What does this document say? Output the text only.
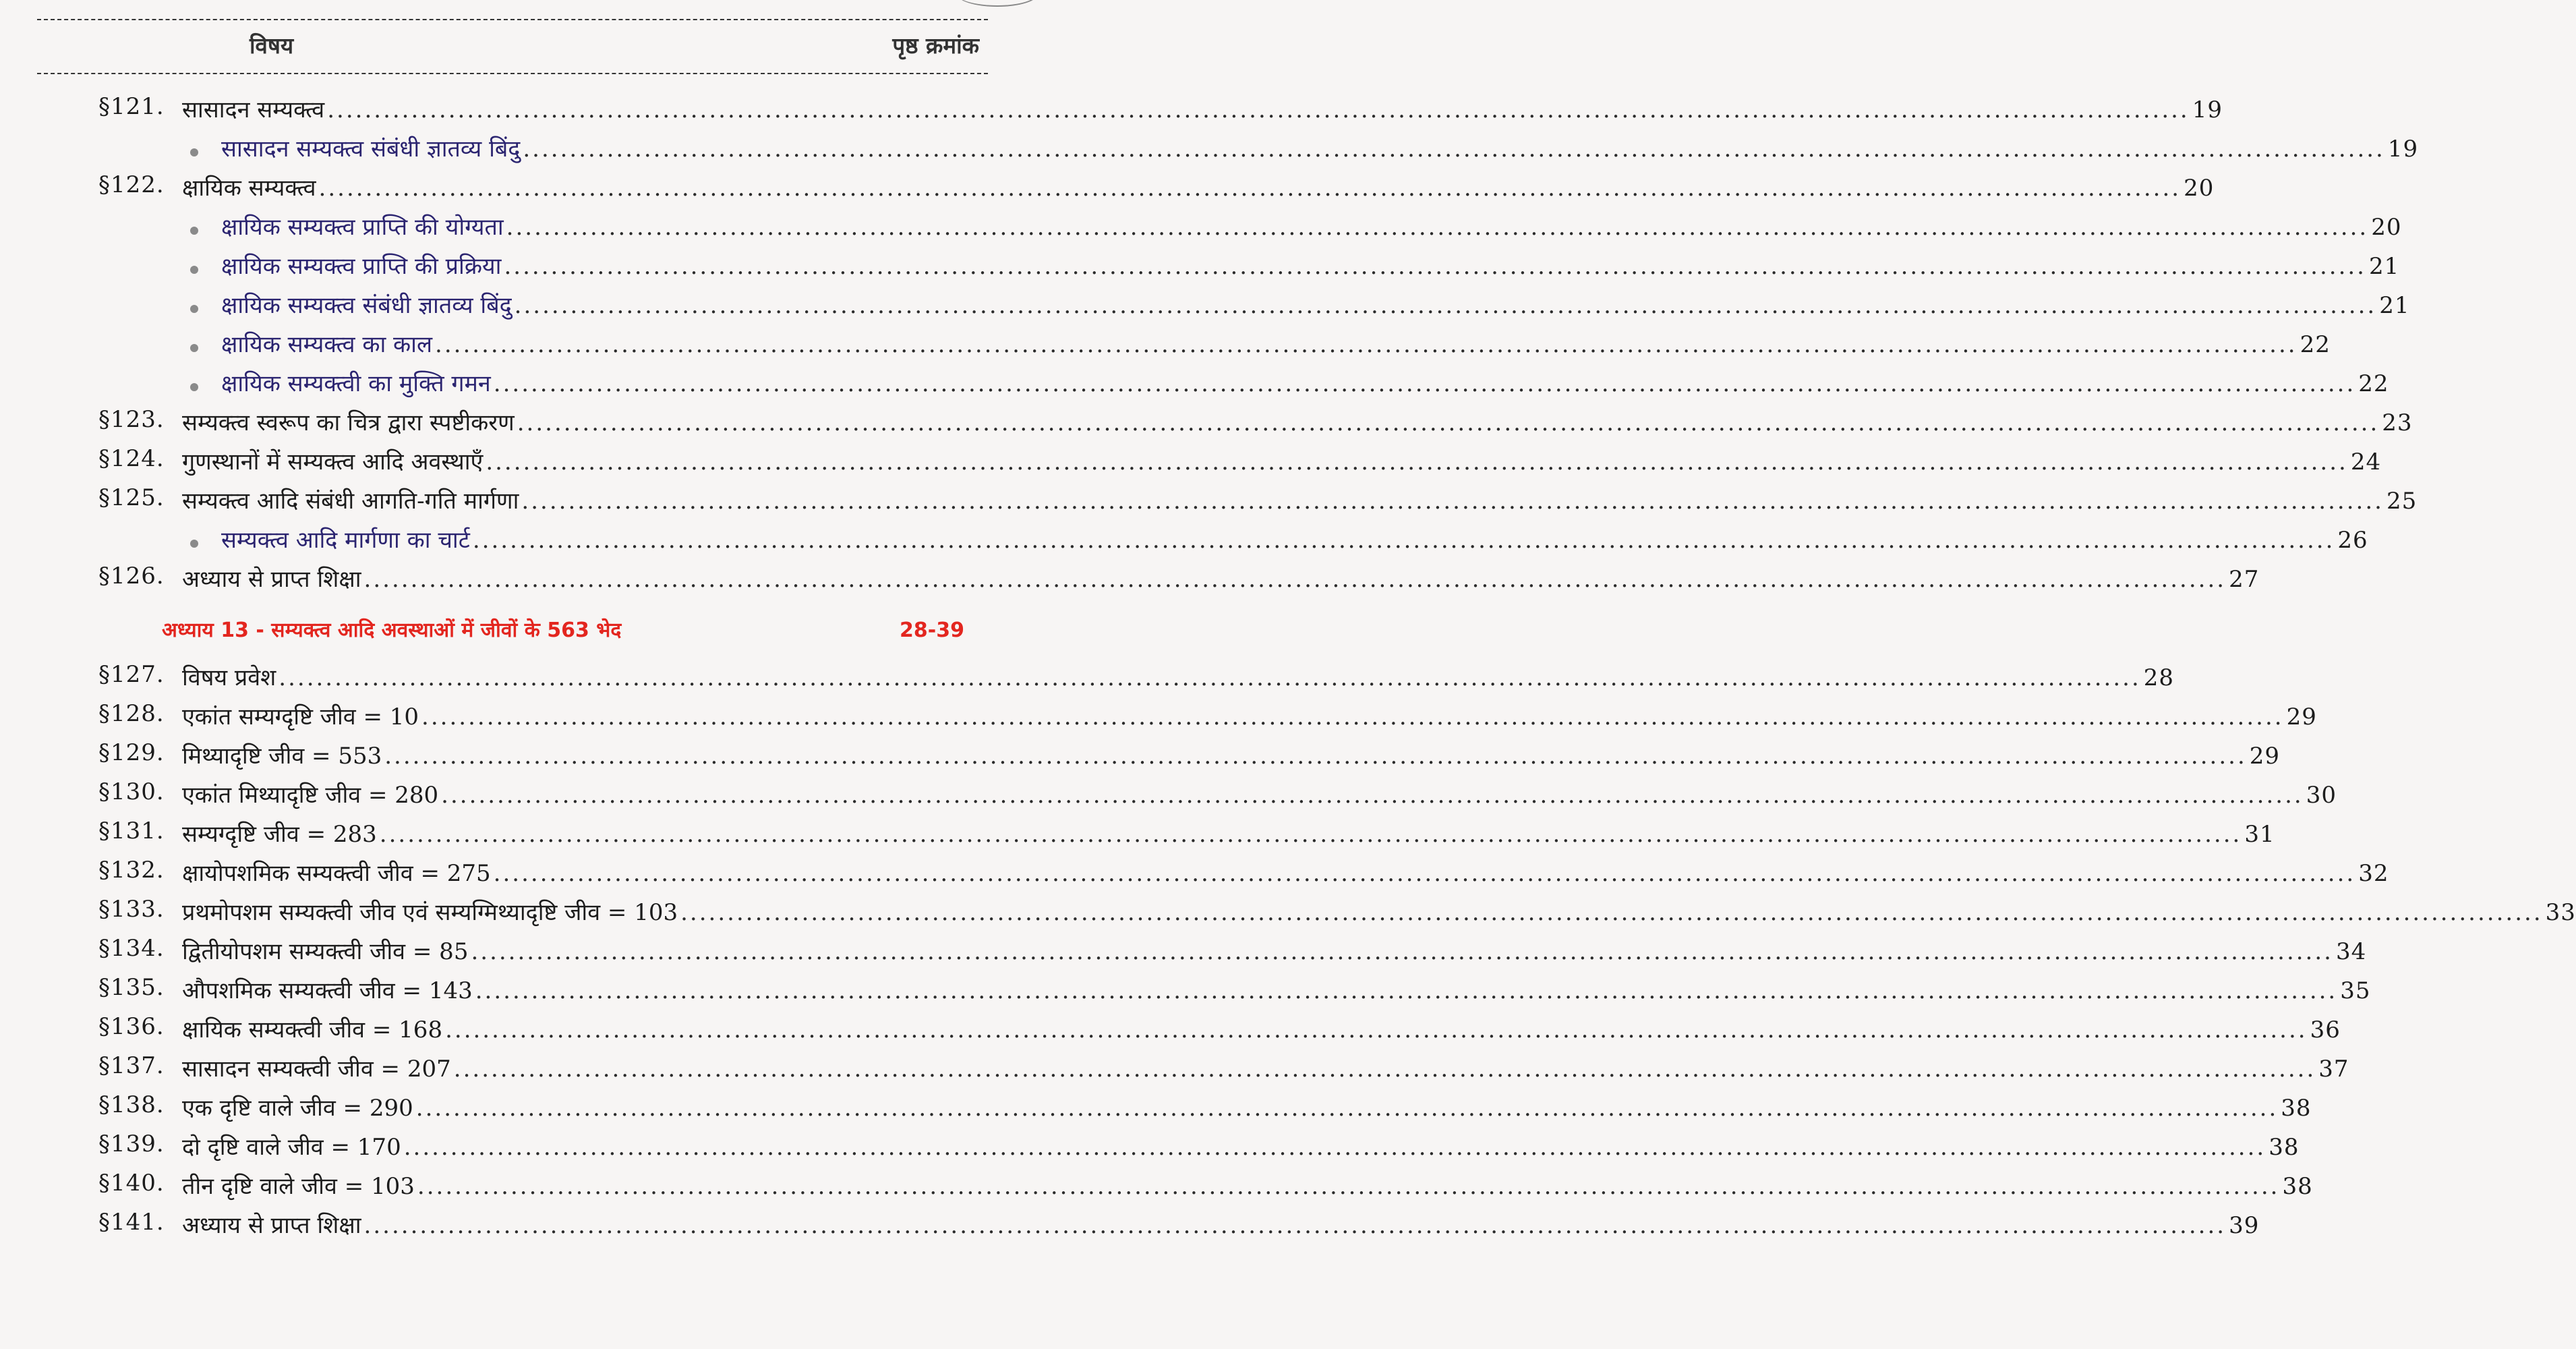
विषय	पृष्ठ क्रमांक
§121. सासादन सम्यक्त्व ........................................................................................................................................................................................................ 19
सासादन सम्यक्त्व संबंधी ज्ञातव्य बिंदु ........................................................................................................................................................................................................ 19
§122. क्षायिक सम्यक्त्व ........................................................................................................................................................................................................ 20
क्षायिक सम्यक्त्व प्राप्ति की योग्यता ........................................................................................................................................................................................................ 20
क्षायिक सम्यक्त्व प्राप्ति की प्रक्रिया ........................................................................................................................................................................................................ 21
क्षायिक सम्यक्त्व संबंधी ज्ञातव्य बिंदु ........................................................................................................................................................................................................ 21
क्षायिक सम्यक्त्व का काल ........................................................................................................................................................................................................ 22
क्षायिक सम्यक्त्वी का मुक्ति गमन ........................................................................................................................................................................................................ 22
§123. सम्यक्त्व स्वरूप का चित्र द्वारा स्पष्टीकरण ........................................................................................................................................................................................................ 23
§124. गुणस्थानों में सम्यक्त्व आदि अवस्थाएँ ........................................................................................................................................................................................................ 24
§125. सम्यक्त्व आदि संबंधी आगति-गति मार्गणा ........................................................................................................................................................................................................ 25
सम्यक्त्व आदि मार्गणा का चार्ट ........................................................................................................................................................................................................ 26
§126. अध्याय से प्राप्त शिक्षा ........................................................................................................................................................................................................ 27
अध्याय 13 - सम्यक्त्व आदि अवस्थाओं में जीवों के 563 भेद	28-39
§127. विषय प्रवेश ........................................................................................................................................................................................................ 28
§128. एकांत सम्यग्दृष्टि जीव = 10 ........................................................................................................................................................................................................ 29
§129. मिथ्यादृष्टि जीव = 553 ........................................................................................................................................................................................................ 29
§130. एकांत मिथ्यादृष्टि जीव = 280 ........................................................................................................................................................................................................ 30
§131. सम्यग्दृष्टि जीव = 283 ........................................................................................................................................................................................................ 31
§132. क्षायोपशमिक सम्यक्त्वी जीव = 275 ........................................................................................................................................................................................................ 32
§133. प्रथमोपशम सम्यक्त्वी जीव एवं सम्यग्मिथ्यादृष्टि जीव = 103 ........................................................................................................................................................................................................ 33
§134. द्वितीयोपशम सम्यक्त्वी जीव = 85 ........................................................................................................................................................................................................ 34
§135. औपशमिक सम्यक्त्वी जीव = 143 ........................................................................................................................................................................................................ 35
§136. क्षायिक सम्यक्त्वी जीव = 168 ........................................................................................................................................................................................................ 36
§137. सासादन सम्यक्त्वी जीव = 207 ........................................................................................................................................................................................................ 37
§138. एक दृष्टि वाले जीव = 290 ........................................................................................................................................................................................................ 38
§139. दो दृष्टि वाले जीव = 170 ........................................................................................................................................................................................................ 38
§140. तीन दृष्टि वाले जीव = 103 ........................................................................................................................................................................................................ 38
§141. अध्याय से प्राप्त शिक्षा ........................................................................................................................................................................................................ 39
